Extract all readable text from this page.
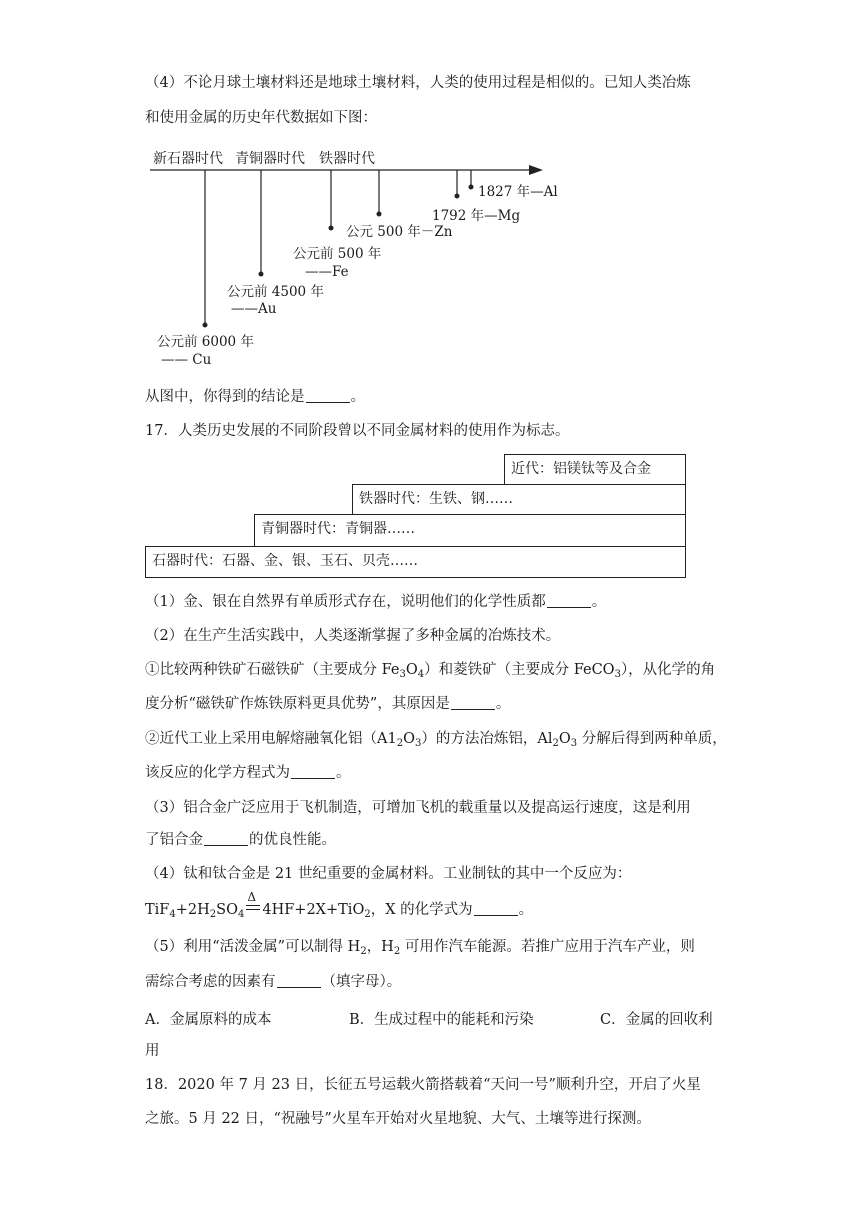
（4）不论月球土壤材料还是地球土壤材料，人类的使用过程是相似的。已知人类冶炼
和使用金属的历史年代数据如下图：
新石器时代 青铜器时代 铁器时代
1827 年—Al
1792 年—Mg
公元 500 年－Zn
公元前 500 年
——Fe
公元前 4500 年
——Au
公元前 6000 年
—— Cu
从图中，你得到的结论是	。
17．人类历史发展的不同阶段曾以不同金属材料的使用作为标志。
近代：铝镁钛等及合金
铁器时代：生铁、钢……
青铜器时代：青铜器……
石器时代：石器、金、银、玉石、贝壳……
（1）金、银在自然界有单质形式存在，说明他们的化学性质都	。
（2）在生产生活实践中，人类逐渐掌握了多种金属的冶炼技术。
①比较两种铁矿石磁铁矿（主要成分 $Fe_3O_4$）和菱铁矿（主要成分 FeCO$_3$），从化学的角
度分析“磁铁矿作炼铁原料更具优势”，其原因是	。
②近代工业上采用电解熔融氧化铝$(A1_2O_3)$的方法冶炼铝，$Al_2O_3$ 分解后得到两种单质，
该反应的化学方程式为	。
（3）铝合金广泛应用于飞机制造，可增加飞机的载重量以及提高运行速度，这是利用
了铝合金	的优良性能。
（4）钛和钛合金是 21 世纪重要的金属材料。工业制钛的其中一个反应为：
$TiF_4+2H_2SO_4$
Δ
4HF+2X+TiO$_2$，X 的化学式为	。
（5）利用“活泼金属”可以制得 $H_2$，$H_2$ 可用作汽车能源。若推广应用于汽车产业，则
需综合考虑的因素有	（填字母）。
A．金属原料的成本	B．生成过程中的能耗和污染	C．金属的回收利
用
18．2020 年 7 月 23 日，长征五号运载火箭搭载着“天问一号”顺利升空，开启了火星
之旅。5 月 22 日，“祝融号”火星车开始对火星地貌、大气、土壤等进行探测。
